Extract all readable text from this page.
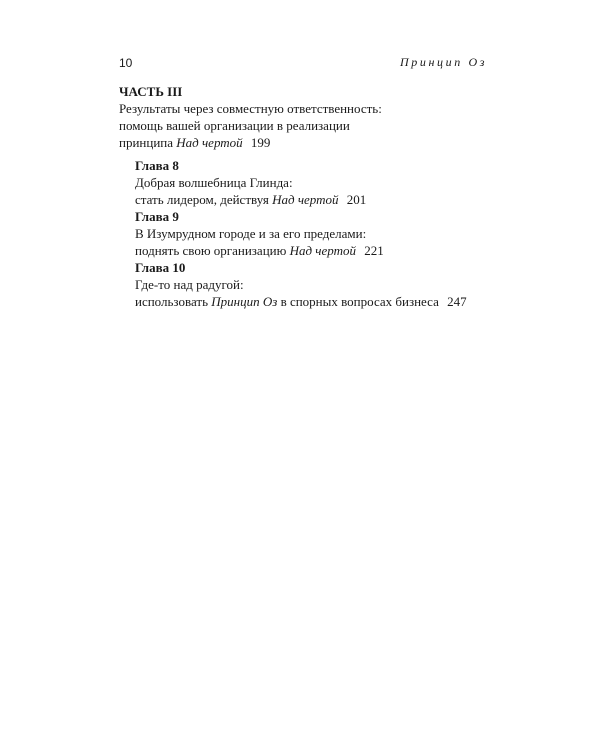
10	Принцип Оз
ЧАСТЬ III
Результаты через совместную ответственность:
помощь вашей организации в реализации
принципа Над чертой 199
Глава 8
Добрая волшебница Глинда:
стать лидером, действуя Над чертой 201
Глава 9
В Изумрудном городе и за его пределами:
поднять свою организацию Над чертой 221
Глава 10
Где-то над радугой:
использовать Принцип Оз в спорных вопросах бизнеса 247
